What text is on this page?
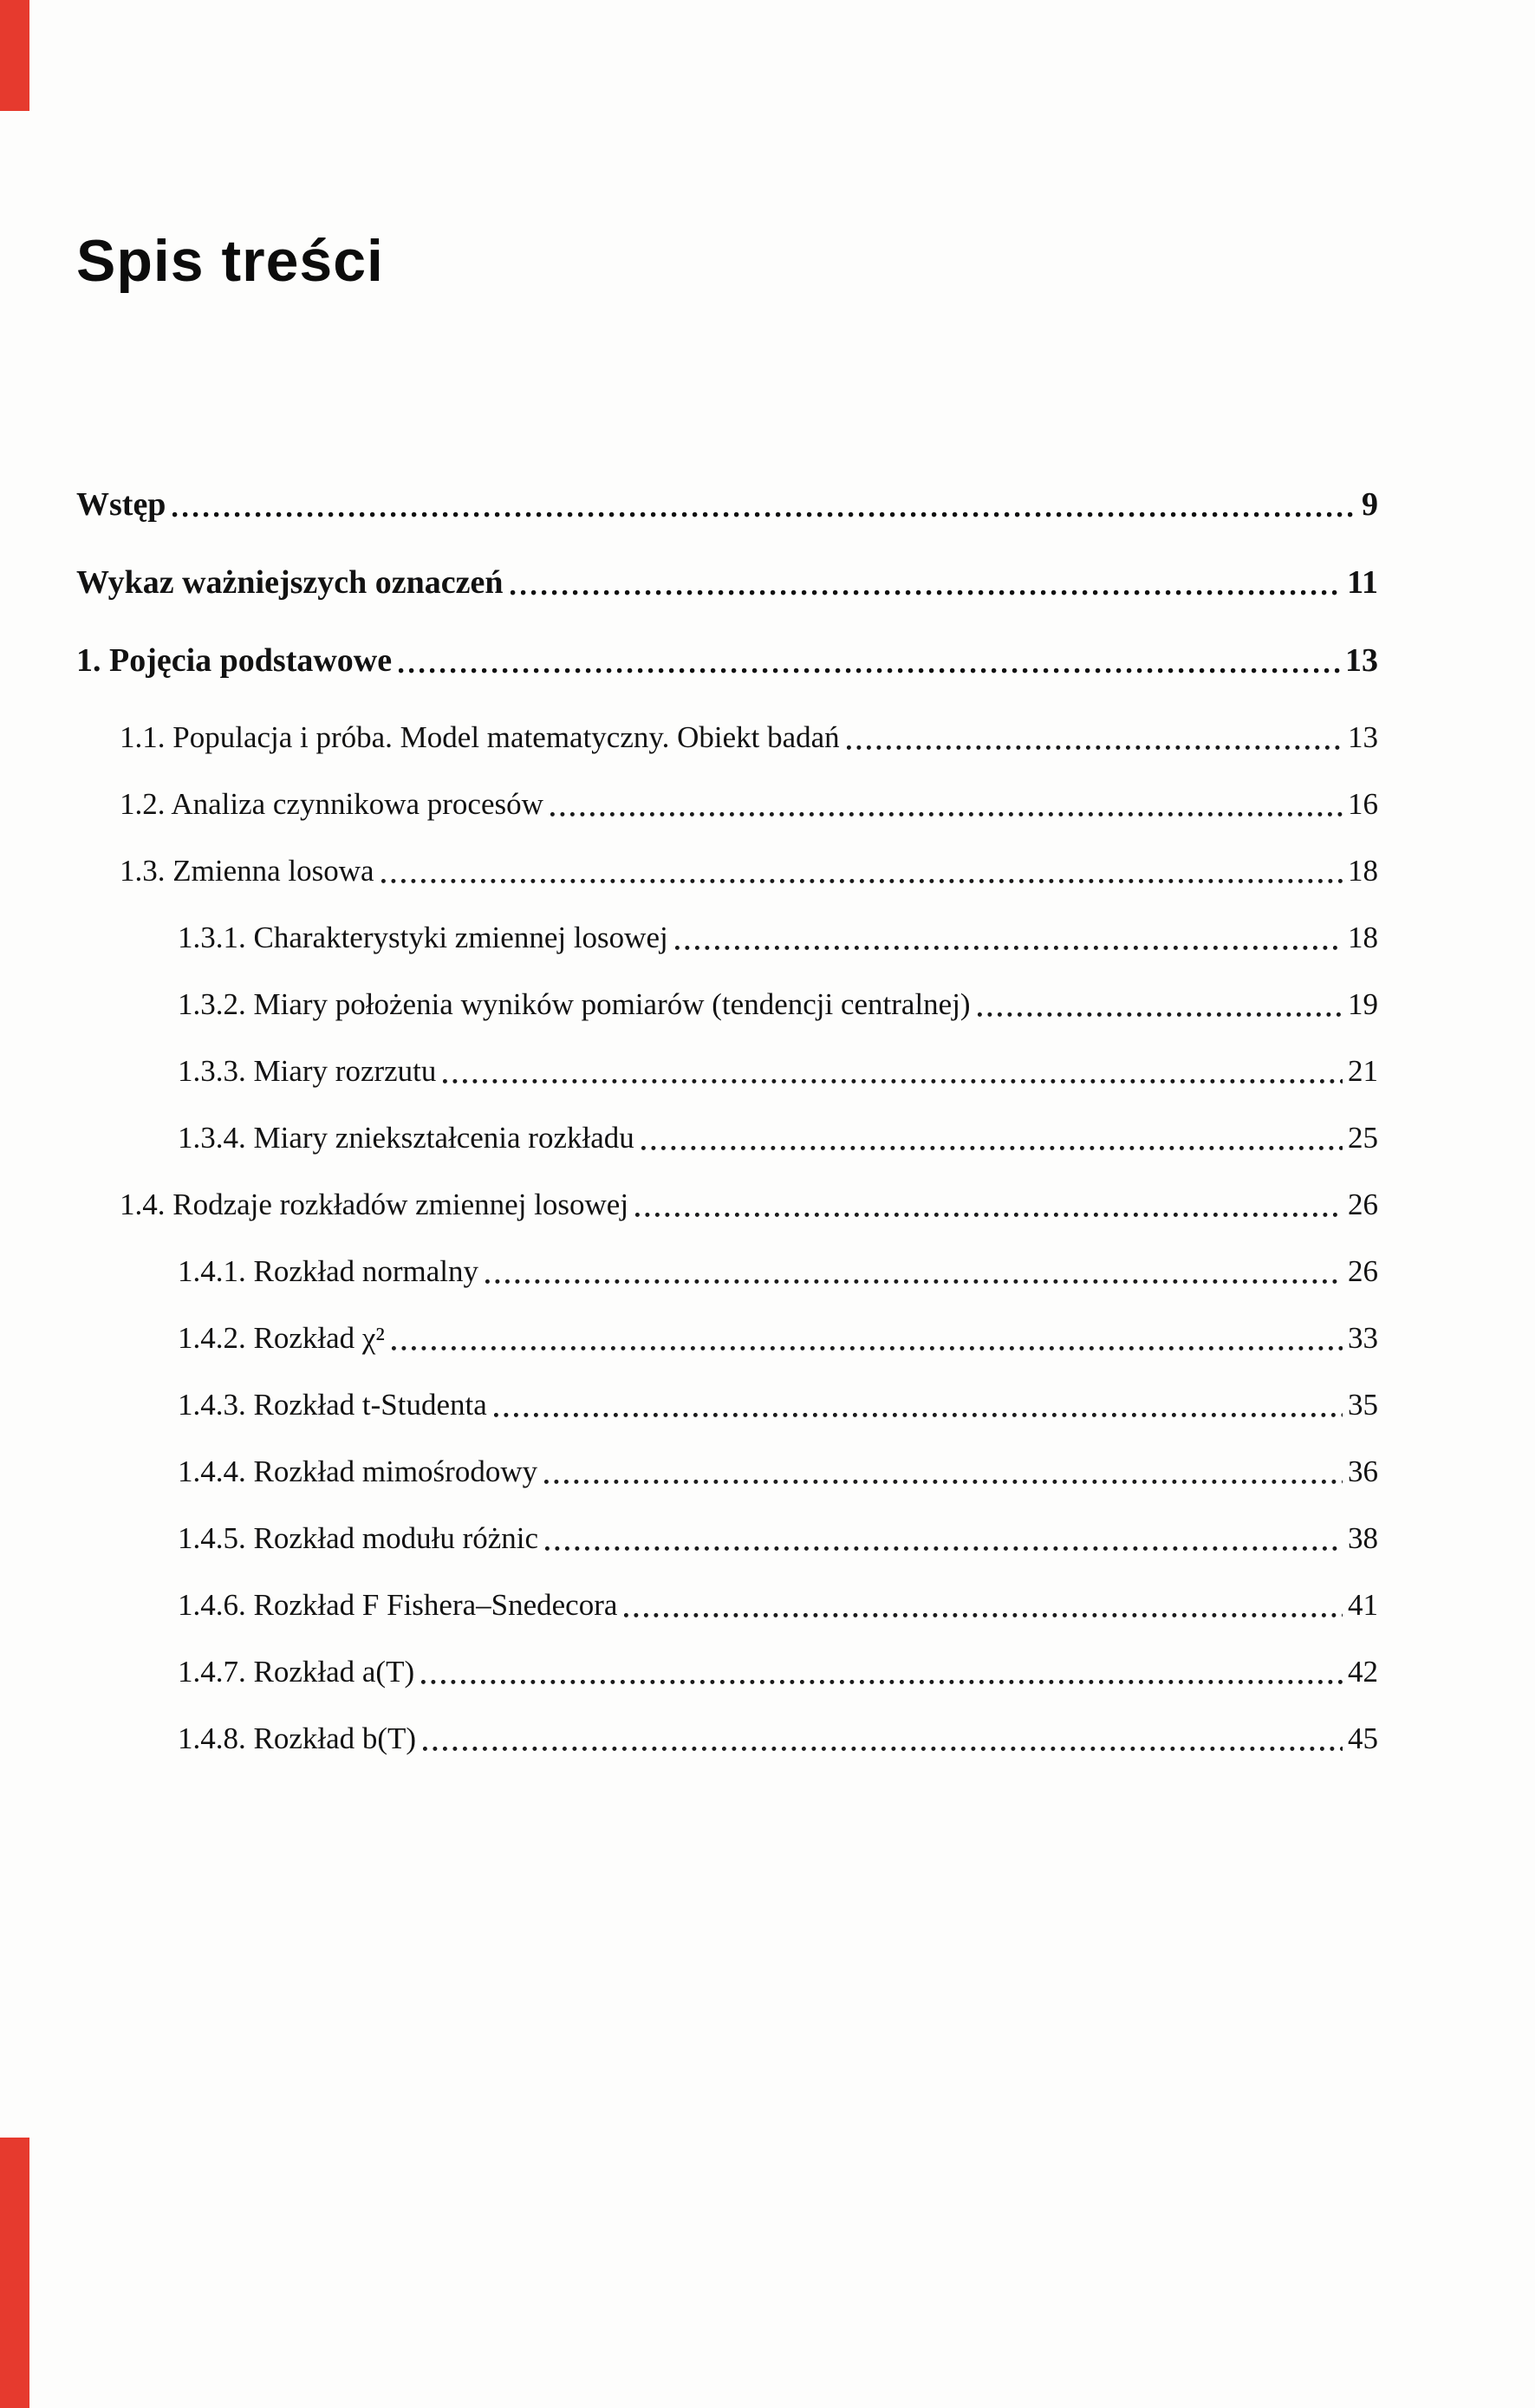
Spis treści
Wstęp	9
Wykaz ważniejszych oznaczeń	11
1. Pojęcia podstawowe	13
1.1. Populacja i próba. Model matematyczny. Obiekt badań	13
1.2. Analiza czynnikowa procesów	16
1.3. Zmienna losowa	18
1.3.1. Charakterystyki zmiennej losowej	18
1.3.2. Miary położenia wyników pomiarów (tendencji centralnej)	19
1.3.3. Miary rozrzutu	21
1.3.4. Miary zniekształcenia rozkładu	25
1.4. Rodzaje rozkładów zmiennej losowej	26
1.4.1. Rozkład normalny	26
1.4.2. Rozkład χ²	33
1.4.3. Rozkład t-Studenta	35
1.4.4. Rozkład mimośrodowy	36
1.4.5. Rozkład modułu różnic	38
1.4.6. Rozkład F Fishera–Snedecora	41
1.4.7. Rozkład a(T)	42
1.4.8. Rozkład b(T)	45
